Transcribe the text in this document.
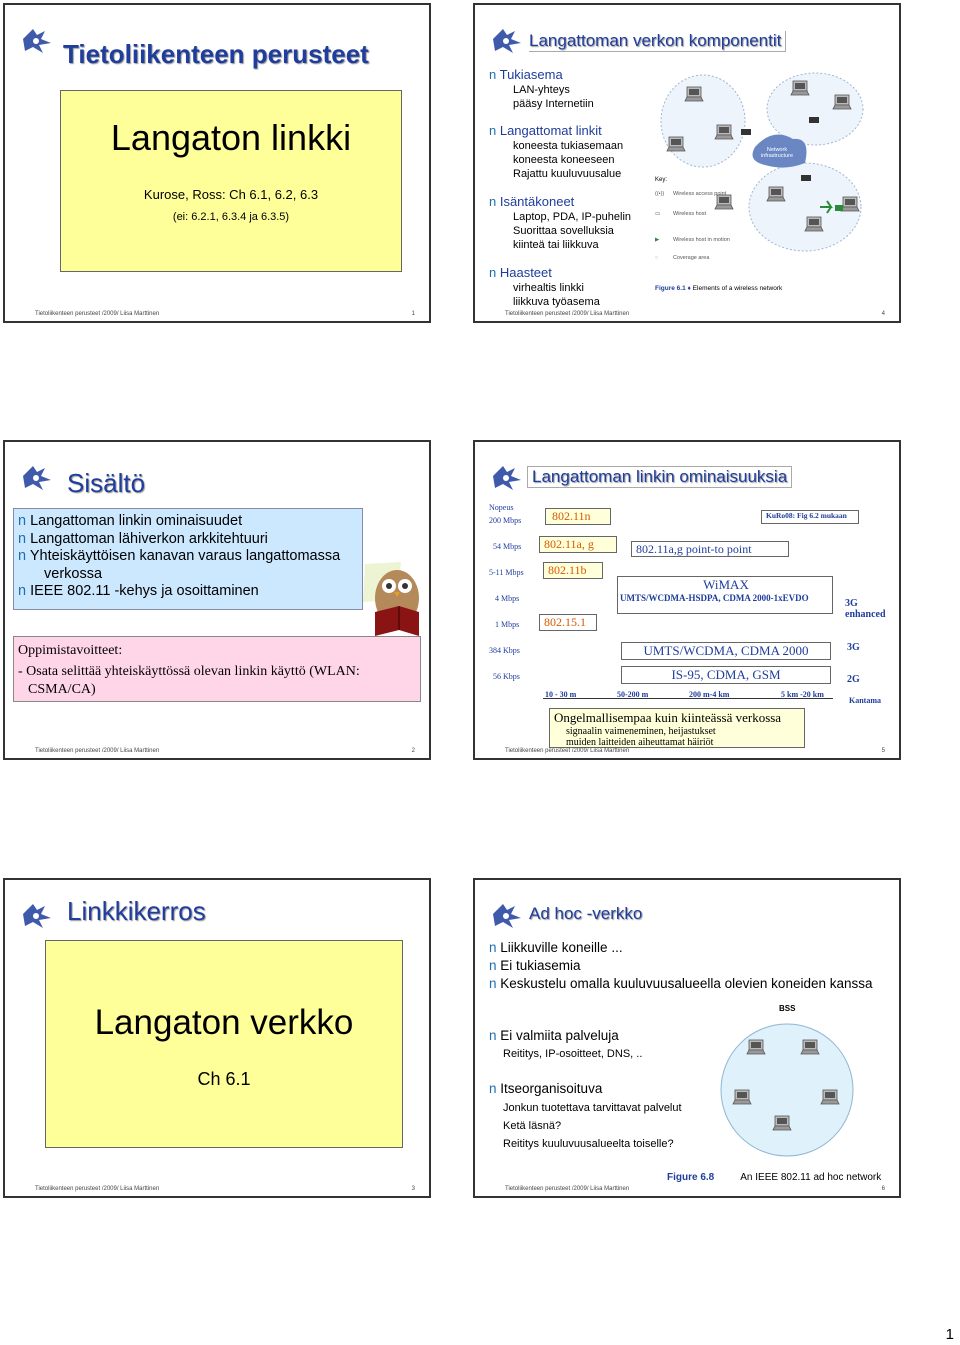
Tietoliikenteen perusteet
Langaton linkki
Kurose, Ross: Ch 6.1, 6.2, 6.3
(ei: 6.2.1, 6.3.4 ja 6.3.5)
Tietoliikenteen perusteet /2009/ Liisa Marttinen	1
Langattoman verkon komponentit
n Tukiasema
LAN-yhteys
pääsy Internetiin
n Langattomat linkit
koneesta tukiasemaan
koneesta koneeseen
Rajattu kuuluvuusalue
n Isäntäkoneet
Laptop, PDA, IP-puhelin
Suorittaa sovelluksia
kiinteä tai liikkuva
n Haasteet
virhealtis linkki
liikkuva työasema
Network infrastructure
Key:
((•)) Wireless access point
▭ Wireless host
▶	Wireless host in motion
◌	Coverage area
Figure 6.1 ♦ Elements of a wireless network
Tietoliikenteen perusteet /2009/ Liisa Marttinen	4
Sisältö
n Langattoman linkin ominaisuudet
n Langattoman lähiverkon arkkitehtuuri
n Yhteiskäyttöisen kanavan varaus langattomassa verkossa
n IEEE 802.11 -kehys ja osoittaminen
Oppimistavoitteet:
- Osata selittää yhteiskäyttössä olevan linkin käyttö (WLAN: CSMA/CA)
Tietoliikenteen perusteet /2009/ Liisa Marttinen	2
Langattoman linkin ominaisuuksia
Nopeus
200 Mbps
54 Mbps
5-11 Mbps
4 Mbps
1 Mbps
384 Kbps
56 Kbps
802.11n
802.11a, g
802.11b
802.15.1
KuRo08: Fig 6.2 mukaan
802.11a,g point-to point
WiMAX
UMTS/WCDMA-HSDPA, CDMA 2000-1xEVDO	3G enhanced
UMTS/WCDMA, CDMA 2000	3G
IS-95, CDMA, GSM	2G
10 - 30 m	50-200 m	200 m-4 km	5 km -20 km
Kantama
Ongelmallisempaa kuin kiinteässä verkossa
signaalin vaimeneminen, heijastukset
muiden laitteiden aiheuttamat häiriöt
Tietoliikenteen perusteet /2009/ Liisa Marttinen	5
Linkkikerros
Langaton verkko
Ch 6.1
Tietoliikenteen perusteet /2009/ Liisa Marttinen	3
Ad hoc -verkko
n Liikkuville koneille ...
n Ei tukiasemia
n Keskustelu omalla kuuluvuusalueella olevien koneiden kanssa
n Ei valmiita palveluja
Reititys, IP-osoitteet, DNS, ..
n Itseorganisoituva
Jonkun tuotettava tarvittavat palvelut
Ketä läsnä?
Reititys kuuluvuusalueelta toiselle?
BSS
Figure 6.8	An IEEE 802.11 ad hoc network
Tietoliikenteen perusteet /2009/ Liisa Marttinen	6
1
